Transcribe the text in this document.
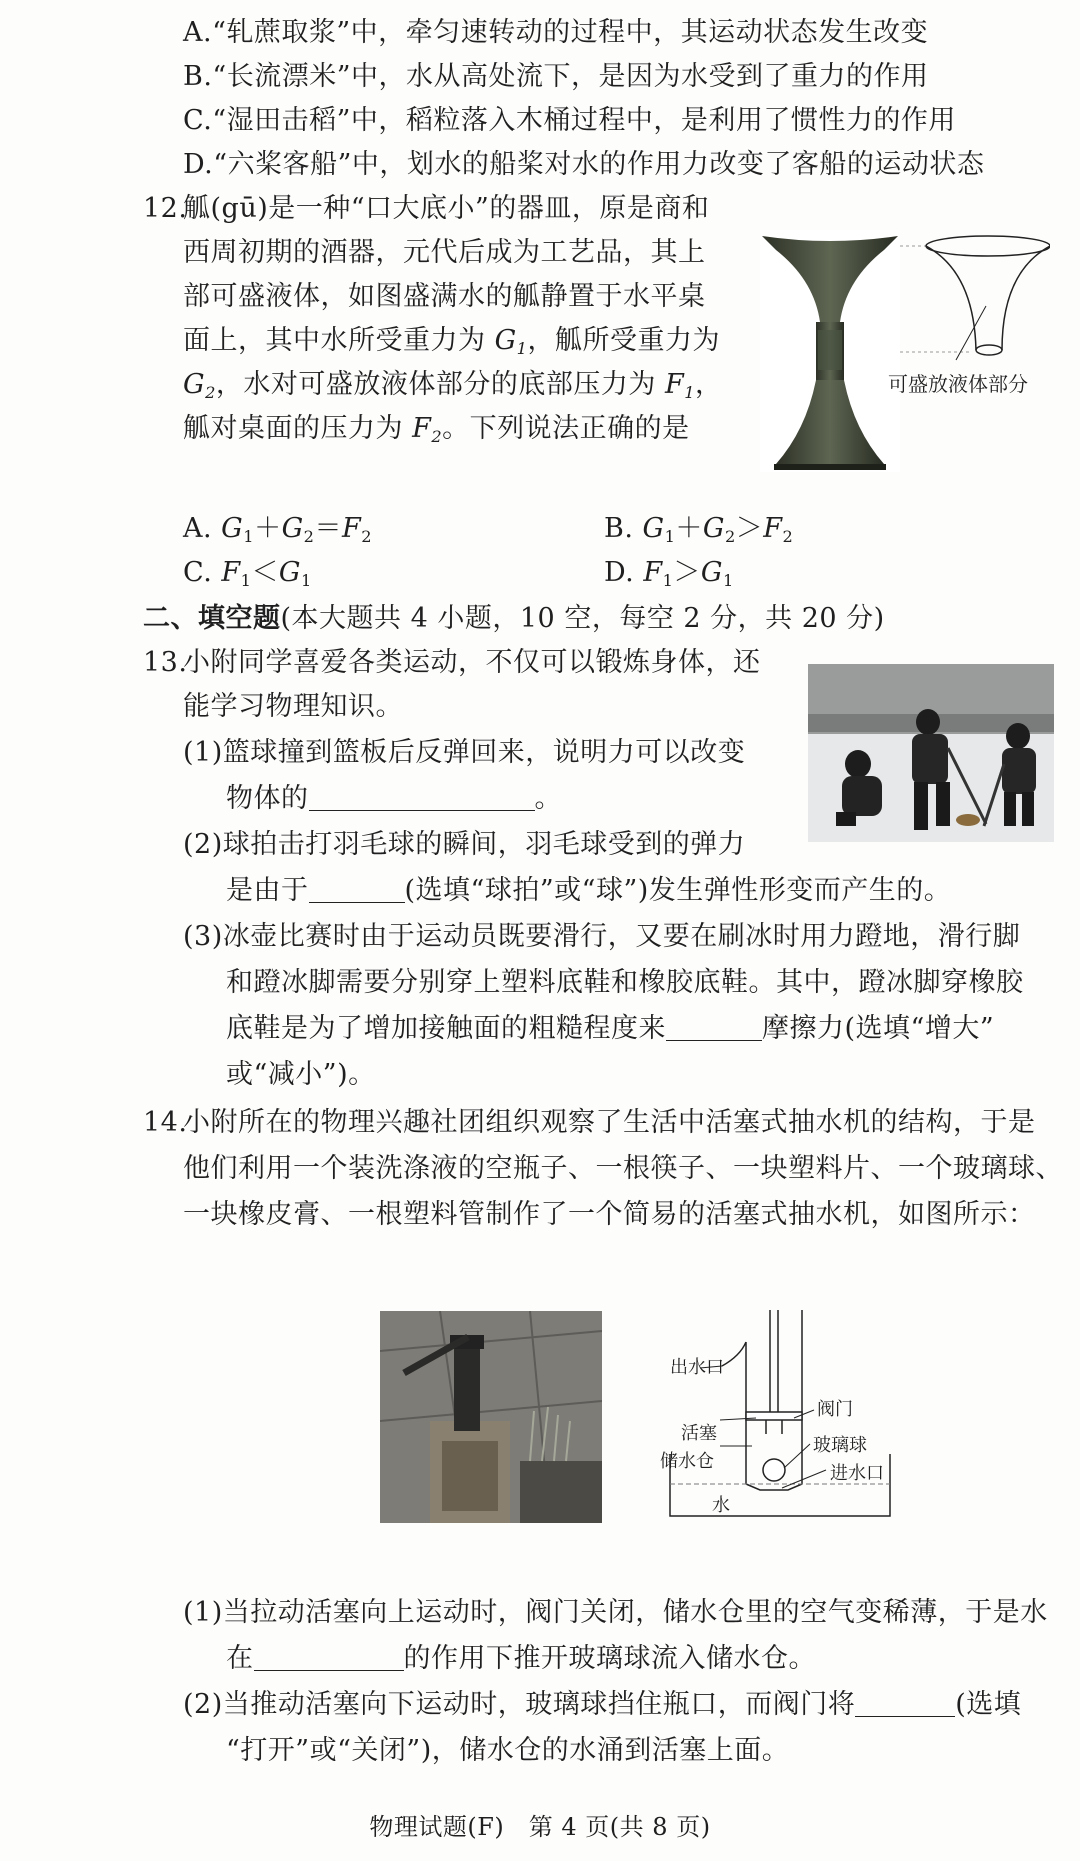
A.“轧蔗取浆”中，牵匀速转动的过程中，其运动状态发生改变
B.“长流漂米”中，水从高处流下，是因为水受到了重力的作用
C.“湿田击稻”中，稻粒落入木桶过程中，是利用了惯性力的作用
D.“六桨客船”中，划水的船桨对水的作用力改变了客船的运动状态
12.
觚(gū)是一种“口大底小”的器皿，原是商和
西周初期的酒器，元代后成为工艺品，其上
部可盛液体，如图盛满水的觚静置于水平桌
面上，其中水所受重力为 $G_1$，觚所受重力为
$G_2$，水对可盛放液体部分的底部压力为 $F_1$，
觚对桌面的压力为 $F_2$。下列说法正确的是
可盛放液体部分
A. $G_1+G_2=F_2$	B. $G_1+G_2>F_2$
C. $F_1<G_1$	D. $F_1>G_1$
二、填空题(本大题共 4 小题，10 空，每空 2 分，共 20 分)
13.
小附同学喜爱各类运动，不仅可以锻炼身体，还
能学习物理知识。
(1)篮球撞到篮板后反弹回来，说明力可以改变
物体的	。
(2)球拍击打羽毛球的瞬间，羽毛球受到的弹力
是由于	(选填“球拍”或“球”)发生弹性形变而产生的。
(3)冰壶比赛时由于运动员既要滑行，又要在刷冰时用力蹬地，滑行脚
和蹬冰脚需要分别穿上塑料底鞋和橡胶底鞋。其中，蹬冰脚穿橡胶
底鞋是为了增加接触面的粗糙程度来	摩擦力(选填“增大”
或“减小”)。
14.
小附所在的物理兴趣社团组织观察了生活中活塞式抽水机的结构，于是
他们利用一个装洗涤液的空瓶子、一根筷子、一块塑料片、一个玻璃球、
一块橡皮膏、一根塑料管制作了一个简易的活塞式抽水机，如图所示：
出水口
活塞
阀门
储水仓
玻璃球
进水口
水
(1)当拉动活塞向上运动时，阀门关闭，储水仓里的空气变稀薄，于是水
在	的作用下推开玻璃球流入储水仓。
(2)当推动活塞向下运动时，玻璃球挡住瓶口，而阀门将	(选填
“打开”或“关闭”)，储水仓的水涌到活塞上面。
物理试题(F)　第 4 页(共 8 页)
